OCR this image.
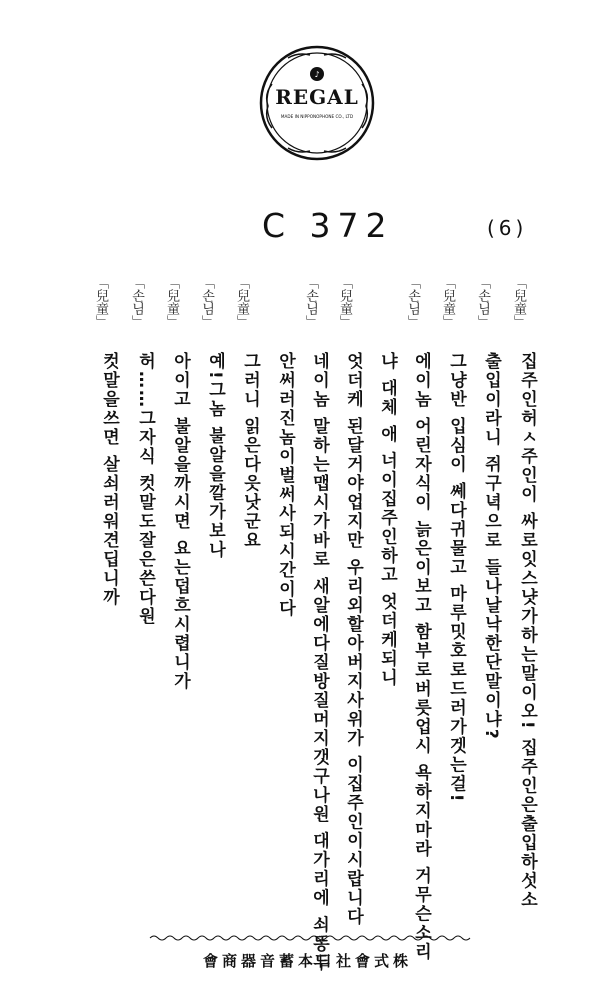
♪
REGAL
MADE IN NIPPONOPHONE CO., LTD
C 372	(6)
「兒童」
집주인허ㅅ주인이 싸로잇스냣가하는말이오! 집주인은출입하섯소
「손님」
출입이라니 쥐구녁으로 들나날낙한단말이냐?
「兒童」
그냥반 입심이 쎼다귀물고 마루밋호로드러가겟는걸!
「손님」
에이놈 어린자식이 늙은이보고 함부로버릇업시 욕하지마라 거무슨소리
냐 대체 애 너이집주인하고 엇더케되니
「兒童」
엇더케 된달거야업지만 우리외할아버지사위가 이집주인이시랍니다
「손님」
네이놈 말하는맵시가바로 새알에다질방질머지갯구나원 대가리에 쇠똥두
안써러진놈이벌써사되시간이다
「兒童」
그러니 읽은다읏낫군요
「손님」
예!그놈 불알을깔가보나
「兒童」
아이고 불알을까시면 요는덥흐시렵니가
「손님」
허……그자식 컷말도잘은쓴다원
「兒童」
컷말을쓰면 살쇠러워견딥니까
會商器音蓄本日社會式株
